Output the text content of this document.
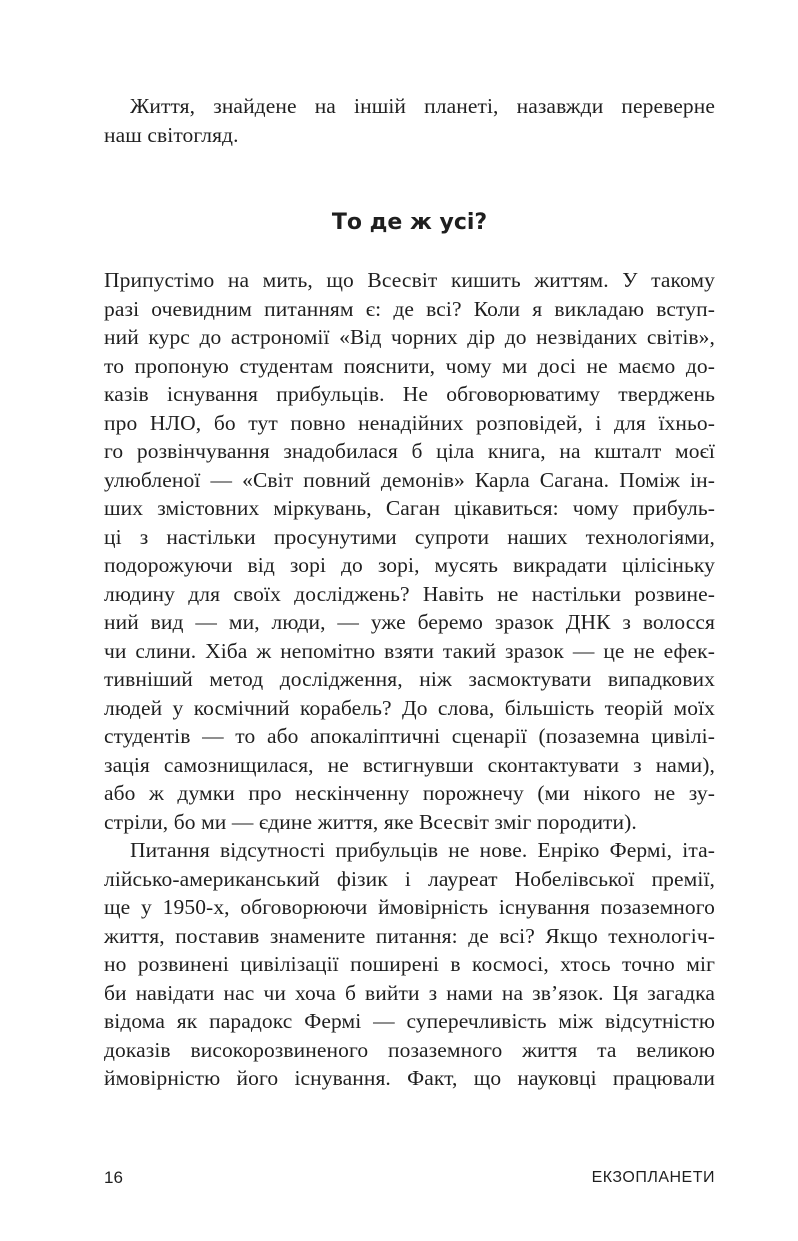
Життя, знайдене на іншій планеті, назавжди переверне
наш світогляд.
То де ж усі?
Припустімо на мить, що Всесвіт кишить життям. У такому
разі очевидним питанням є: де всі? Коли я викладаю вступ-
ний курс до астрономії «Від чорних дір до незвіданих світів»,
то пропоную студентам пояснити, чому ми досі не маємо до-
казів існування прибульців. Не обговорюватиму тверджень
про НЛО, бо тут повно ненадійних розповідей, і для їхньо-
го розвінчування знадобилася б ціла книга, на кшталт моєї
улюбленої — «Світ повний демонів» Карла Сагана. Поміж ін-
ших змістовних міркувань, Саган цікавиться: чому прибуль-
ці з настільки просунутими супроти наших технологіями,
подорожуючи від зорі до зорі, мусять викрадати цілісіньку
людину для своїх досліджень? Навіть не настільки розвине-
ний вид — ми, люди, — уже беремо зразок ДНК з волосся
чи слини. Хіба ж непомітно взяти такий зразок — це не ефек-
тивніший метод дослідження, ніж засмоктувати випадкових
людей у космічний корабель? До слова, більшість теорій моїх
студентів — то або апокаліптичні сценарії (позаземна цивілі-
зація самознищилася, не встигнувши сконтактувати з нами),
або ж думки про нескінченну порожнечу (ми нікого не зу-
стріли, бо ми — єдине життя, яке Всесвіт зміг породити).
Питання відсутності прибульців не нове. Енріко Фермі, іта-
лійсько-американський фізик і лауреат Нобелівської премії,
ще у 1950-х, обговорюючи ймовірність існування позаземного
життя, поставив знамените питання: де всі? Якщо технологіч-
но розвинені цивілізації поширені в космосі, хтось точно міг
би навідати нас чи хоча б вийти з нами на зв’язок. Ця загадка
відома як парадокс Фермі — суперечливість між відсутністю
доказів високорозвиненого позаземного життя та великою
ймовірністю його існування. Факт, що науковці працювали
16	ЕКЗОПЛАНЕТИ
